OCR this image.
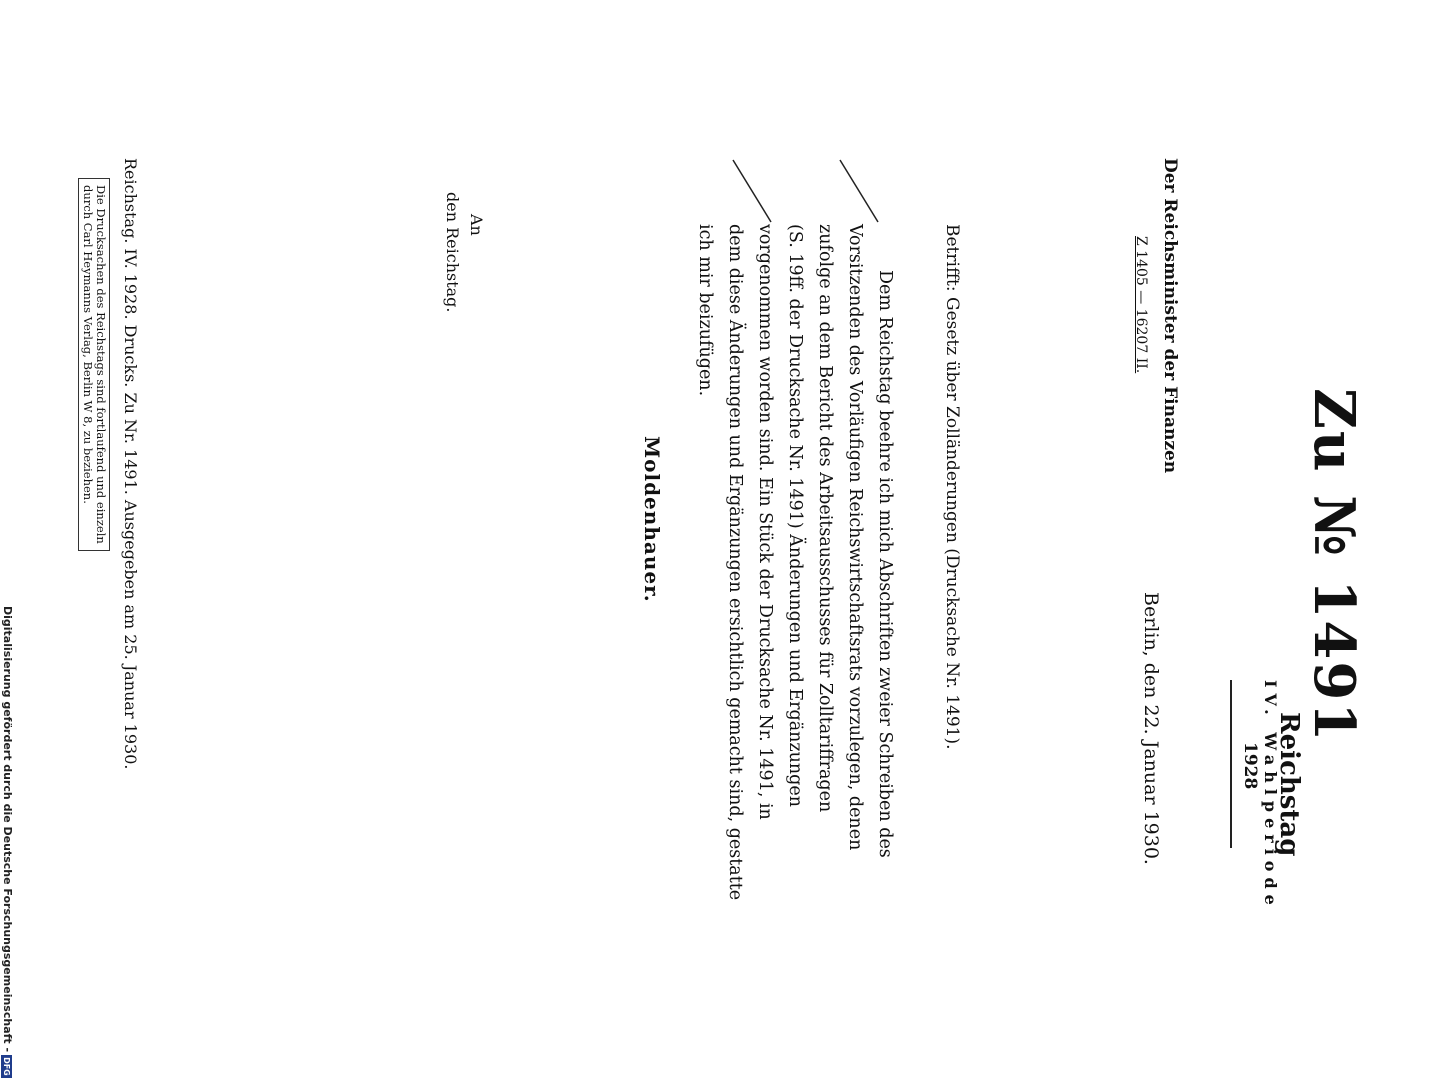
Zu № 1491
Reichstag
IV. Wahlperiode
1928
Der Reichsminister der Finanzen
Z 1405 — 16207 II.
Berlin, den 22. Januar 1930.
Betrifft: Gesetz über Zolländerungen (Drucksache Nr. 1491).
Dem Reichstag beehre ich mich Abschriften zweier Schreiben des
Vorsitzenden des Vorläufigen Reichswirtschaftsrats vorzulegen, denen
zufolge an dem Bericht des Arbeitsausschusses für Zolltariffragen
(S. 19ff. der Drucksache Nr. 1491) Änderungen und Ergänzungen
vorgenommen worden sind. Ein Stück der Drucksache Nr. 1491, in
dem diese Änderungen und Ergänzungen ersichtlich gemacht sind, gestatte
ich mir beizufügen.
Moldenhauer.
An
den Reichstag.
Reichstag. IV. 1928. Drucks. Zu Nr. 1491. Ausgegeben am 25. Januar 1930.
Die Drucksachen des Reichstags sind fortlaufend und einzeln
durch Carl Heymanns Verlag, Berlin W 8, zu beziehen.
Digitalisierung gefördert durch die Deutsche Forschungsgemeinschaft -DFG
